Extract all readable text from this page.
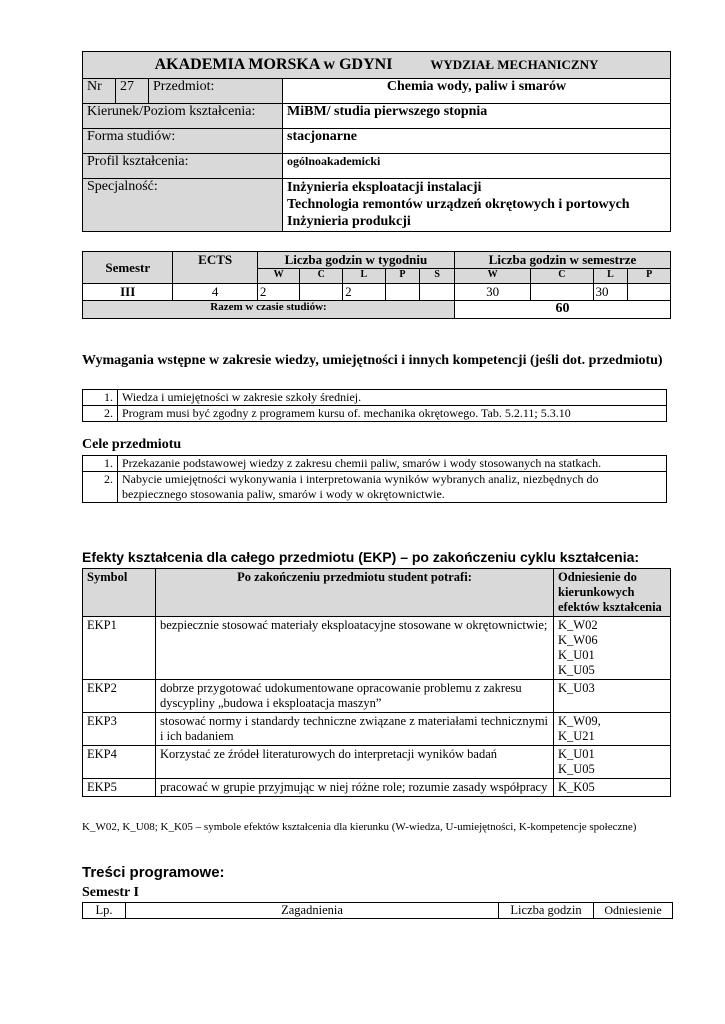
AKADEMIA MORSKA w GDYNI WYDZIAŁ MECHANICZNY			
Nr	27	Przedmiot:	Chemia wody, paliw i smarów
Kierunek/Poziom kształcenia:			MiBM/ studia pierwszego stopnia
Forma studiów:			stacjonarne
Profil kształcenia:			ogólnoakademicki
Specjalność:			Inżynieria eksploatacji instalacji
Technologia remontów urządzeń okrętowych i portowych
Inżynieria produkcji
Semestr	ECTS	Liczba godzin w tygodniu					Liczba godzin w semestrze			
		W	C	L	P	S	W	C	L	P
III	4	2		2			30		30	
Razem w czasie studiów:							60			
Wymagania wstępne w zakresie wiedzy, umiejętności i innych kompetencji (jeśli dot. przedmiotu)
1.	Wiedza i umiejętności w zakresie szkoły średniej.
2.	Program musi być zgodny z programem kursu of. mechanika okrętowego. Tab. 5.2.11; 5.3.10
Cele przedmiotu
1.	Przekazanie podstawowej wiedzy z zakresu chemii paliw, smarów i wody stosowanych na statkach.
2.	Nabycie umiejętności wykonywania i interpretowania wyników wybranych analiz, niezbędnych do bezpiecznego stosowania paliw, smarów i wody w okrętownictwie.
Efekty kształcenia dla całego przedmiotu (EKP) – po zakończeniu cyklu kształcenia:
Symbol	Po zakończeniu przedmiotu student potrafi:	Odniesienie do kierunkowych efektów kształcenia
EKP1	bezpiecznie stosować materiały eksploatacyjne stosowane w okrętownictwie;	K_W02
K_W06
K_U01
K_U05
EKP2	dobrze przygotować udokumentowane opracowanie problemu z zakresu dyscypliny „budowa i eksploatacja maszyn”	K_U03
EKP3	stosować normy i standardy techniczne związane z materiałami technicznymi i ich badaniem	K_W09,
K_U21
EKP4	Korzystać ze źródeł literaturowych do interpretacji wyników badań	K_U01
K_U05
EKP5	pracować w grupie przyjmując w niej różne role; rozumie zasady współpracy	K_K05
K_W02, K_U08; K_K05 – symbole efektów kształcenia dla kierunku (W-wiedza, U-umiejętności, K-kompetencje społeczne)
Treści programowe:
Semestr I
Lp.	Zagadnienia	Liczba godzin	Odniesienie
